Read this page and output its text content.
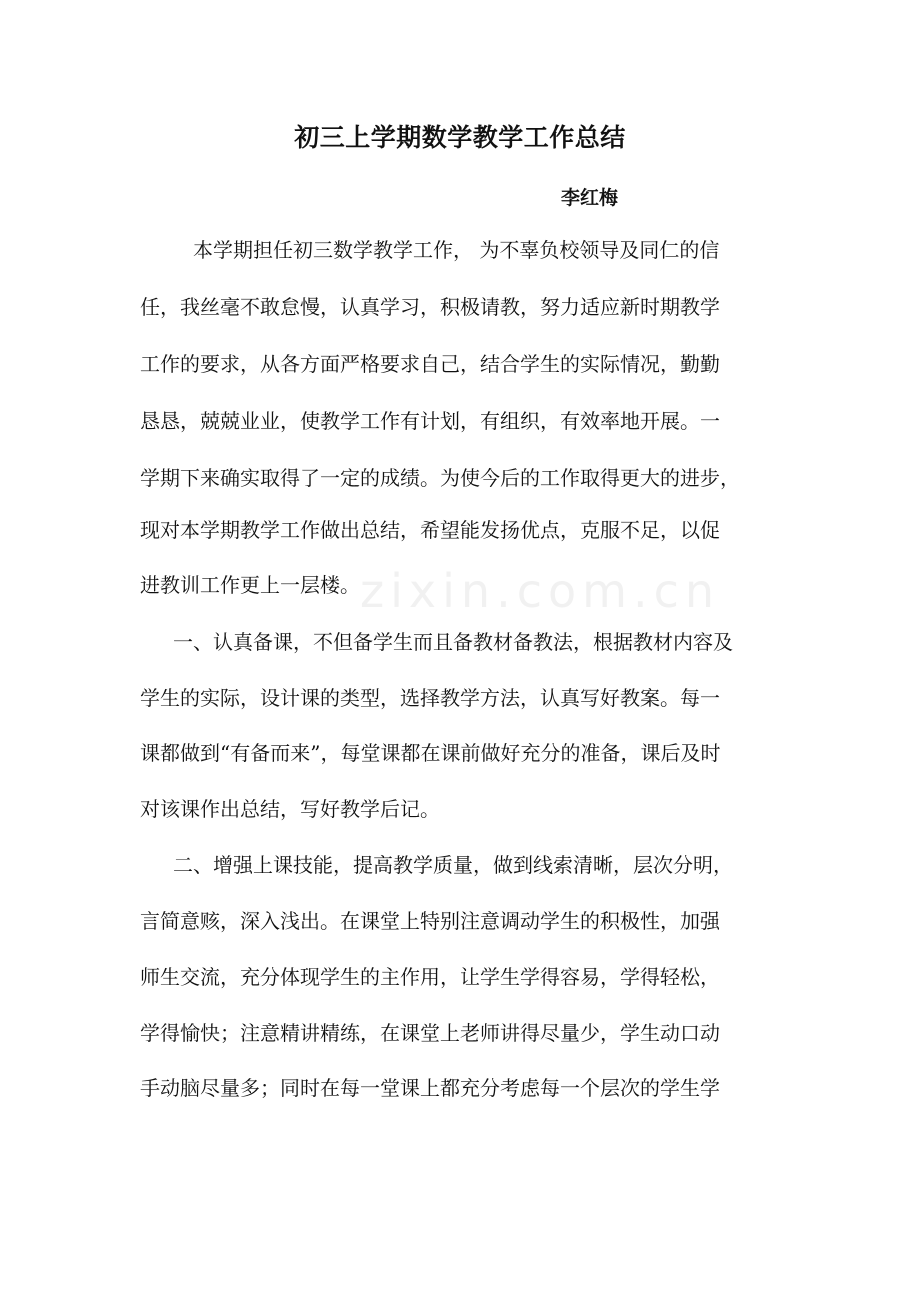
zixin.com.cn
初三上学期数学教学工作总结
李红梅
本学期担任初三数学教学工作， 为不辜负校领导及同仁的信
任，我丝毫不敢怠慢，认真学习，积极请教，努力适应新时期教学
工作的要求，从各方面严格要求自己，结合学生的实际情况，勤勤
恳恳，兢兢业业，使教学工作有计划，有组织，有效率地开展。一
学期下来确实取得了一定的成绩。为使今后的工作取得更大的进步，
现对本学期教学工作做出总结，希望能发扬优点，克服不足，以促
进教训工作更上一层楼。
一、认真备课，不但备学生而且备教材备教法，根据教材内容及
学生的实际，设计课的类型，选择教学方法，认真写好教案。每一
课都做到“有备而来”，每堂课都在课前做好充分的准备，课后及时
对该课作出总结，写好教学后记。
二、增强上课技能，提高教学质量，做到线索清晰，层次分明，
言简意赅，深入浅出。在课堂上特别注意调动学生的积极性，加强
师生交流，充分体现学生的主作用，让学生学得容易，学得轻松，
学得愉快；注意精讲精练，在课堂上老师讲得尽量少，学生动口动
手动脑尽量多；同时在每一堂课上都充分考虑每一个层次的学生学
